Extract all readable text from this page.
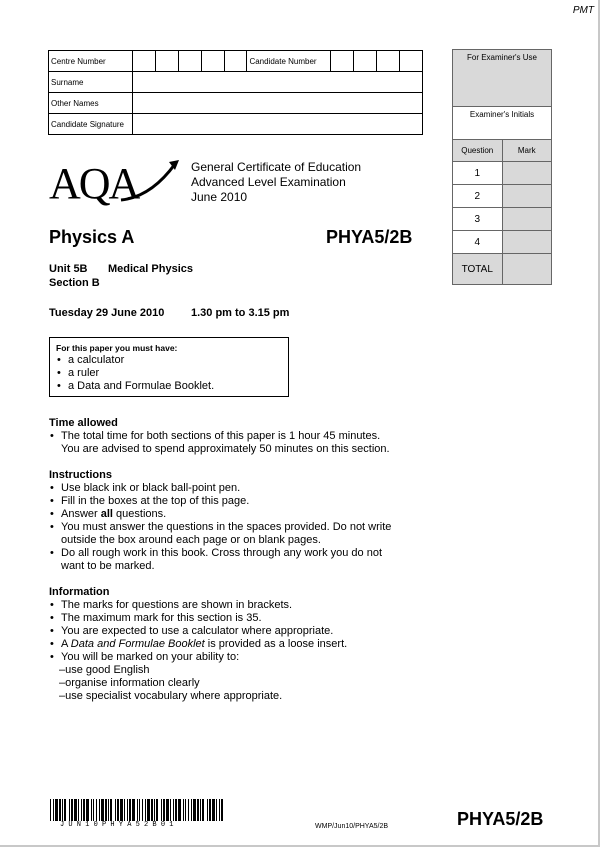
PMT
Centre Number						Candidate Number				
Surname										
Other Names										
Candidate Signature										
For Examiner's Use	
Examiner's Initials	
Question	Mark
1	
2	
3	
4	
TOTAL	
AQA	General Certificate of Education
Advanced Level Examination
June 2010
Physics A	PHYA5/2B
Unit 5B Medical Physics
Section B
Tuesday 29 June 2010 1.30 pm to 3.15 pm
For this paper you must have:
• a calculator
• a ruler
• a Data and Formulae Booklet.
Time allowed
• The total time for both sections of this paper is 1 hour 45 minutes.
You are advised to spend approximately 50 minutes on this section.
Instructions
• Use black ink or black ball-point pen.
• Fill in the boxes at the top of this page.
• Answer all questions.
• You must answer the questions in the spaces provided. Do not write
outside the box around each page or on blank pages.
• Do all rough work in this book. Cross through any work you do not
want to be marked.
Information
• The marks for questions are shown in brackets.
• The maximum mark for this section is 35.
• You are expected to use a calculator where appropriate.
• A Data and Formulae Booklet is provided as a loose insert.
• You will be marked on your ability to:
– use good English
– organise information clearly
– use specialist vocabulary where appropriate.
J U N 1 0 P H Y A 5 2 B 0 1	WMP/Jun10/PHYA5/2B	PHYA5/2B
